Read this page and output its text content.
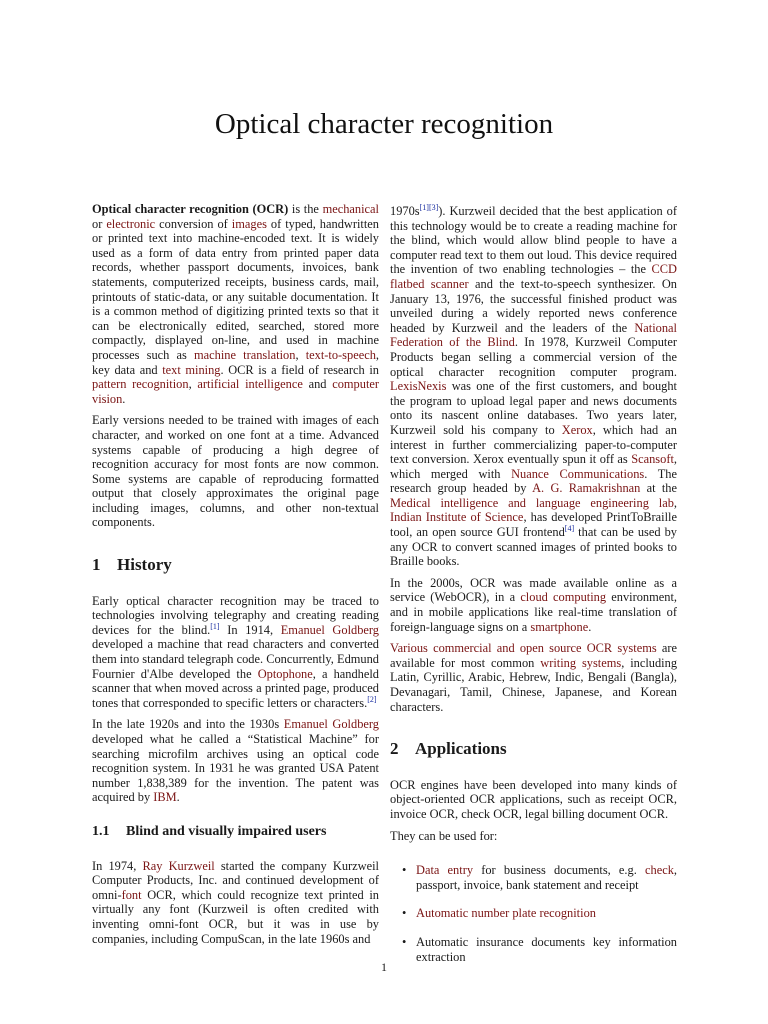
Optical character recognition

Optical character recognition (OCR) is the mechanical or electronic conversion of images of typed, handwritten or printed text into machine-encoded text. It is widely used as a form of data entry from printed paper data records, whether passport documents, invoices, bank statements, computerized receipts, business cards, mail, printouts of static-data, or any suitable documentation. It is a common method of digitizing printed texts so that it can be electronically edited, searched, stored more compactly, displayed on-line, and used in machine processes such as machine translation, text-to-speech, key data and text mining. OCR is a field of research in pattern recognition, artificial intelligence and computer vision.

Early versions needed to be trained with images of each character, and worked on one font at a time. Advanced systems capable of producing a high degree of recognition accuracy for most fonts are now common. Some systems are capable of reproducing formatted output that closely approximates the original page including images, columns, and other non-textual components.

1 History

Early optical character recognition may be traced to technologies involving telegraphy and creating reading devices for the blind.[1] In 1914, Emanuel Goldberg developed a machine that read characters and converted them into standard telegraph code. Concurrently, Edmund Fournier d'Albe developed the Optophone, a handheld scanner that when moved across a printed page, produced tones that corresponded to specific letters or characters.[2]

In the late 1920s and into the 1930s Emanuel Goldberg developed what he called a “Statistical Machine” for searching microfilm archives using an optical code recognition system. In 1931 he was granted USA Patent number 1,838,389 for the invention. The patent was acquired by IBM.

1.1 Blind and visually impaired users

In 1974, Ray Kurzweil started the company Kurzweil Computer Products, Inc. and continued development of omni-font OCR, which could recognize text printed in virtually any font (Kurzweil is often credited with inventing omni-font OCR, but it was in use by companies, including CompuScan, in the late 1960s and

1970s[1][3]). Kurzweil decided that the best application of this technology would be to create a reading machine for the blind, which would allow blind people to have a computer read text to them out loud. This device required the invention of two enabling technologies – the CCD flatbed scanner and the text-to-speech synthesizer. On January 13, 1976, the successful finished product was unveiled during a widely reported news conference headed by Kurzweil and the leaders of the National Federation of the Blind. In 1978, Kurzweil Computer Products began selling a commercial version of the optical character recognition computer program. LexisNexis was one of the first customers, and bought the program to upload legal paper and news documents onto its nascent online databases. Two years later, Kurzweil sold his company to Xerox, which had an interest in further commercializing paper-to-computer text conversion. Xerox eventually spun it off as Scansoft, which merged with Nuance Communications. The research group headed by A. G. Ramakrishnan at the Medical intelligence and language engineering lab, Indian Institute of Science, has developed PrintToBraille tool, an open source GUI frontend[4] that can be used by any OCR to convert scanned images of printed books to Braille books.

In the 2000s, OCR was made available online as a service (WebOCR), in a cloud computing environment, and in mobile applications like real-time translation of foreign-language signs on a smartphone.

Various commercial and open source OCR systems are available for most common writing systems, including Latin, Cyrillic, Arabic, Hebrew, Indic, Bengali (Bangla), Devanagari, Tamil, Chinese, Japanese, and Korean characters.

2 Applications

OCR engines have been developed into many kinds of object-oriented OCR applications, such as receipt OCR, invoice OCR, check OCR, legal billing document OCR.

They can be used for:

• Data entry for business documents, e.g. check, passport, invoice, bank statement and receipt
• Automatic number plate recognition
• Automatic insurance documents key information extraction
1
